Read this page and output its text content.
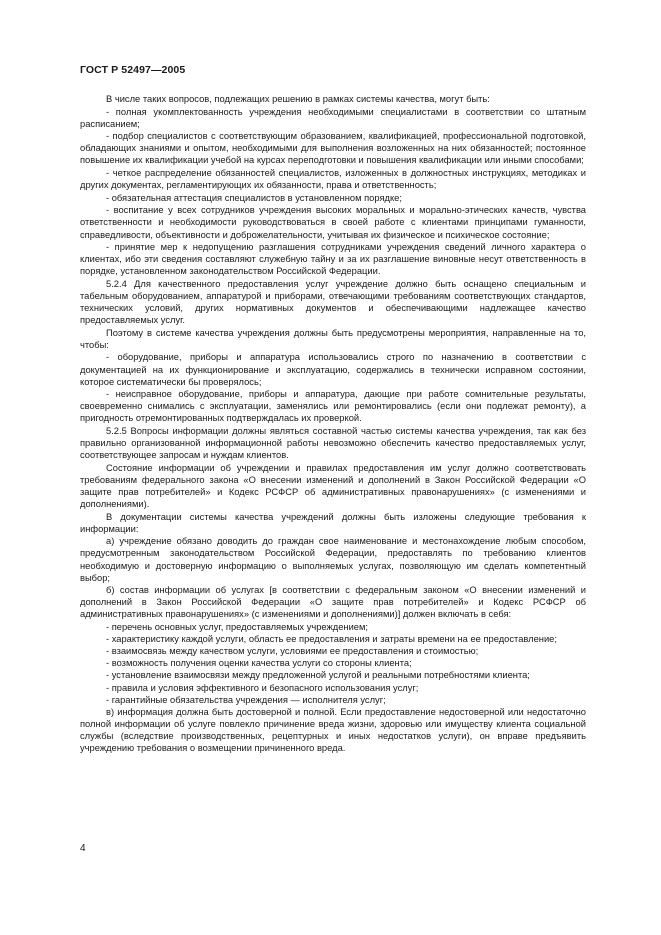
ГОСТ Р 52497—2005

В числе таких вопросов, подлежащих решению в рамках системы качества, могут быть:

- полная укомплектованность учреждения необходимыми специалистами в соответствии со штатным расписанием;

- подбор специалистов с соответствующим образованием, квалификацией, профессиональной подготовкой, обладающих знаниями и опытом, необходимыми для выполнения возложенных на них обязанностей; постоянное повышение их квалификации учебой на курсах переподготовки и повышения квалификации или иными способами;

- четкое распределение обязанностей специалистов, изложенных в должностных инструкциях, методиках и других документах, регламентирующих их обязанности, права и ответственность;

- обязательная аттестация специалистов в установленном порядке;

- воспитание у всех сотрудников учреждения высоких моральных и морально-этических качеств, чувства ответственности и необходимости руководствоваться в своей работе с клиентами принципами гуманности, справедливости, объективности и доброжелательности, учитывая их физическое и психическое состояние;

- принятие мер к недопущению разглашения сотрудниками учреждения сведений личного характера о клиентах, ибо эти сведения составляют служебную тайну и за их разглашение виновные несут ответственность в порядке, установленном законодательством Российской Федерации.

5.2.4 Для качественного предоставления услуг учреждение должно быть оснащено специальным и табельным оборудованием, аппаратурой и приборами, отвечающими требованиям соответствующих стандартов, технических условий, других нормативных документов и обеспечивающими надлежащее качество предоставляемых услуг.

Поэтому в системе качества учреждения должны быть предусмотрены мероприятия, направленные на то, чтобы:

- оборудование, приборы и аппаратура использовались строго по назначению в соответствии с документацией на их функционирование и эксплуатацию, содержались в технически исправном состоянии, которое систематически бы проверялось;

- неисправное оборудование, приборы и аппаратура, дающие при работе сомнительные результаты, своевременно снимались с эксплуатации, заменялись или ремонтировались (если они подлежат ремонту), а пригодность отремонтированных подтверждалась их проверкой.

5.2.5 Вопросы информации должны являться составной частью системы качества учреждения, так как без правильно организованной информационной работы невозможно обеспечить качество предоставляемых услуг, соответствующее запросам и нуждам клиентов.

Состояние информации об учреждении и правилах предоставления им услуг должно соответствовать требованиям федерального закона «О внесении изменений и дополнений в Закон Российской Федерации «О защите прав потребителей» и Кодекс РСФСР об административных правонарушениях» (с изменениями и дополнениями).

В документации системы качества учреждений должны быть изложены следующие требования к информации:

а) учреждение обязано доводить до граждан свое наименование и местонахождение любым способом, предусмотренным законодательством Российской Федерации, предоставлять по требованию клиентов необходимую и достоверную информацию о выполняемых услугах, позволяющую им сделать компетентный выбор;

б) состав информации об услугах [в соответствии с федеральным законом «О внесении изменений и дополнений в Закон Российской Федерации «О защите прав потребителей» и Кодекс РСФСР об административных правонарушениях» (с изменениями и дополнениями)] должен включать в себя:

- перечень основных услуг, предоставляемых учреждением;

- характеристику каждой услуги, область ее предоставления и затраты времени на ее предоставление;

- взаимосвязь между качеством услуги, условиями ее предоставления и стоимостью;

- возможность получения оценки качества услуги со стороны клиента;

- установление взаимосвязи между предложенной услугой и реальными потребностями клиента;

- правила и условия эффективного и безопасного использования услуг;

- гарантийные обязательства учреждения — исполнителя услуг;

в) информация должна быть достоверной и полной. Если предоставление недостоверной или недостаточно полной информации об услуге повлекло причинение вреда жизни, здоровью или имуществу клиента социальной службы (вследствие производственных, рецептурных и иных недостатков услуги), он вправе предъявить учреждению требования о возмещении причиненного вреда.

4
